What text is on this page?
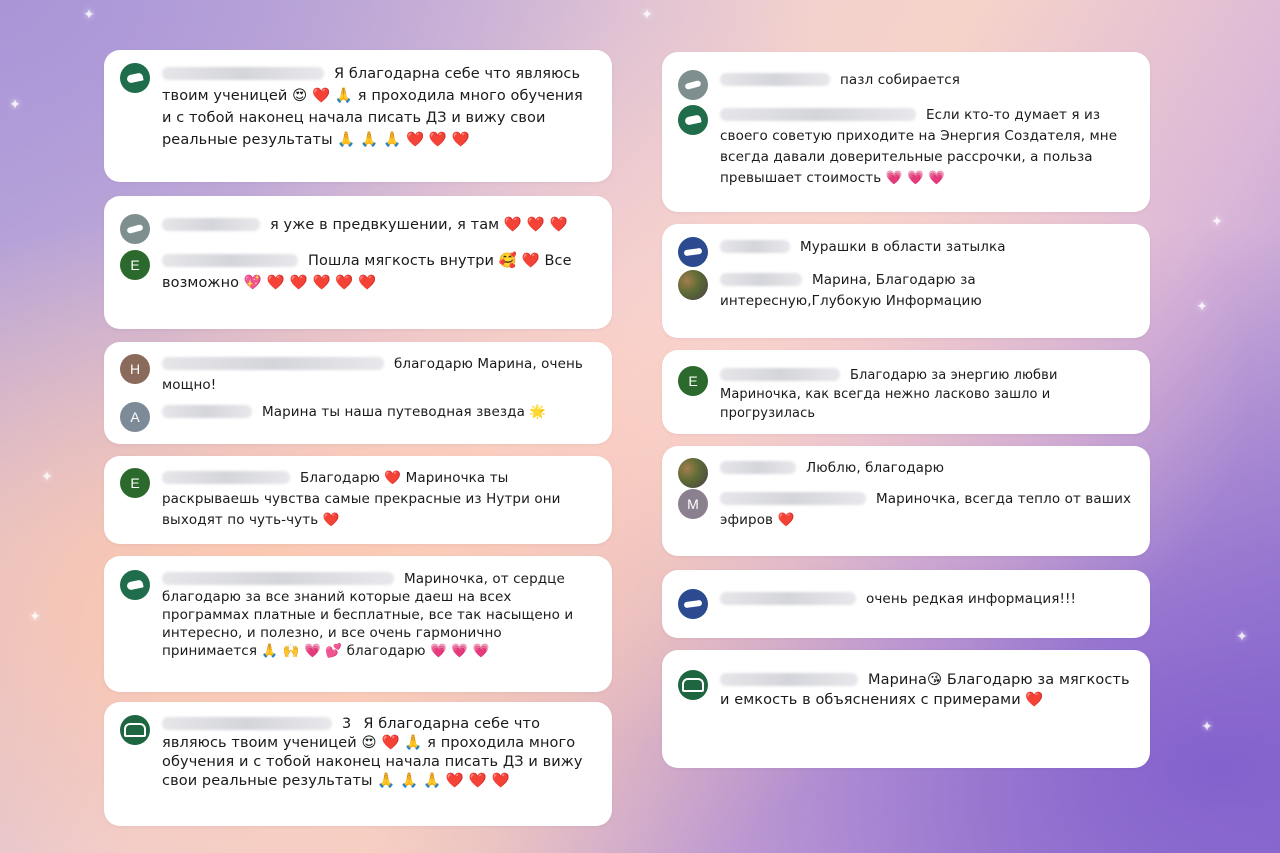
✦
✦
✦
✦
✦
✦
✦
✦
✦
Я благодарна себе что являюсь твоим ученицей 😍 ❤️ 🙏 я проходила много обучения и с тобой наконец начала писать ДЗ и вижу свои реальные результаты 🙏 🙏 🙏 ❤️ ❤️ ❤️
я уже в предвкушении, я там ❤️ ❤️ ❤️
E	Пошла мягкость внутри 🥰 ❤️ Все возможно 💖 ❤️ ❤️ ❤️ ❤️ ❤️
Н	благодарю Марина, очень мощно!
А	Марина ты наша путеводная звезда 🌟
Е	Благодарю ❤️ Мариночка ты раскрываешь чувства самые прекрасные из Нутри они выходят по чуть-чуть ❤️
Мариночка, от сердце благодарю за все знаний которые даеш на всех программах платные и бесплатные, все так насыщено и интересно, и полезно, и все очень гармонично принимается 🙏 🙌 💗 💕 благодарю 💗 💗 💗
3 Я благодарна себе что являюсь твоим ученицей 😍 ❤️ 🙏 я проходила много обучения и с тобой наконец начала писать ДЗ и вижу свои реальные результаты 🙏 🙏 🙏 ❤️ ❤️ ❤️
пазл собирается
Если кто-то думает я из своего советую приходите на Энергия Создателя, мне всегда давали доверительные рассрочки, а польза превышает стоимость 💗 💗 💗
Мурашки в области затылка
Марина, Благодарю за интересную,Глубокую Информацию
Е	Благодарю за энергию любви Мариночка, как всегда нежно ласково зашло и прогрузилась
Люблю, благодарю
М	Мариночка, всегда тепло от ваших эфиров ❤️
очень редкая информация!!!
Марина😘 Благодарю за мягкость и емкость в объяснениях с примерами ❤️
